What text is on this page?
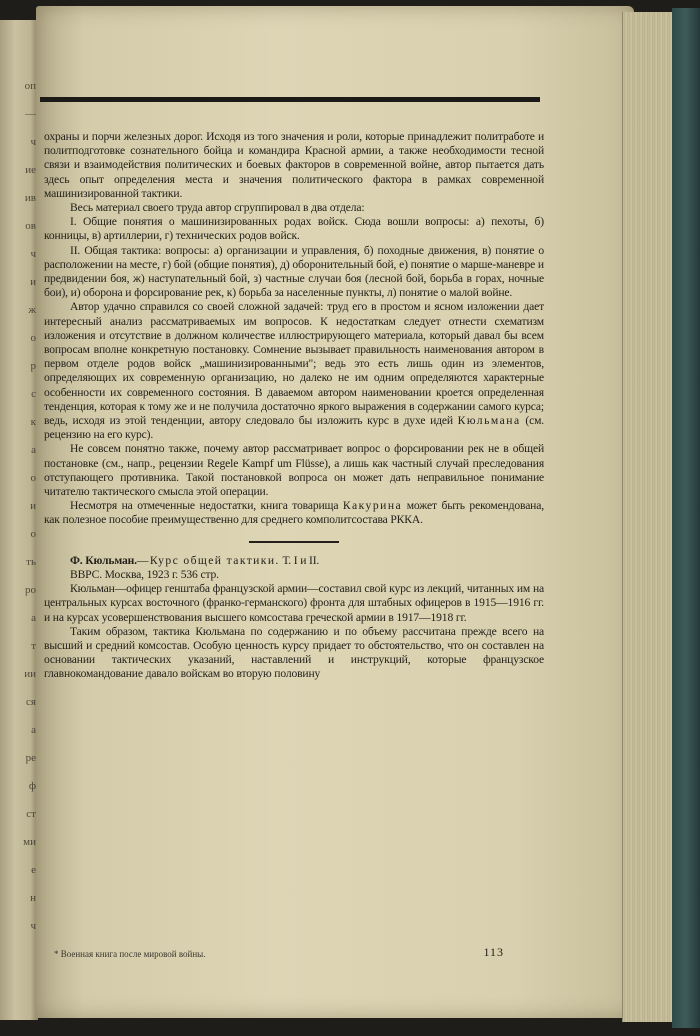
оп
—
ч
ие
ив
ов
ч
и
ж
о
р
с
к
а
о
и
о
ть
ро
а
т
ии
ся
а
ре
ф
ст
ми
е
н
ч

охраны и порчи железных дорог. Исходя из того значения и роли, которые принадлежит политработе и политподготовке сознательного бойца и командира Красной армии, а также необходимости тесной связи и взаимодействия политических и боевых факторов в современной войне, автор пытается дать здесь опыт определения места и значения политического фактора в рамках современной машинизированной тактики.

Весь материал своего труда автор сгруппировал в два отдела:

I. Общие понятия о машинизированных родах войск. Сюда вошли вопросы: а) пехоты, б) конницы, в) артиллерии, г) технических родов войск.

II. Общая тактика: вопросы: а) организации и управления, б) походные движения, в) понятие о расположении на месте, г) бой (общие понятия), д) оборонительный бой, е) понятие о марше-маневре и предвидении боя, ж) наступательный бой, з) частные случаи боя (лесной бой, борьба в горах, ночные бои), и) оборона и форсирование рек, к) борьба за населенные пункты, л) понятие о малой войне.

Автор удачно справился со своей сложной задачей: труд его в простом и ясном изложении дает интересный анализ рассматриваемых им вопросов. К недостаткам следует отнести схематизм изложения и отсутствие в должном количестве иллюстрирующего материала, который давал бы всем вопросам вполне конкретную постановку. Сомнение вызывает правильность наименования автором в первом отделе родов войск „машинизированными"; ведь это есть лишь один из элементов, определяющих их современную организацию, но далеко не им одним определяются характерные особенности их современного состояния. В даваемом автором наименовании кроется определенная тенденция, которая к тому же и не получила достаточно яркого выражения в содержании самого курса; ведь, исходя из этой тенденции, автору следовало бы изложить курс в духе идей Кюльмана (см. рецензию на его курс).

Не совсем понятно также, почему автор рассматривает вопрос о форсировании рек не в общей постановке (см., напр., рецензии Regele Kampf um Flüsse), а лишь как частный случай преследования отступающего противника. Такой постановкой вопроса он может дать неправильное понимание читателю тактического смысла этой операции.

Несмотря на отмеченные недостатки, книга товарища Какурина может быть рекомендована, как полезное пособие преимущественно для среднего комполитсостава РККА.

Ф. Кюльман.—Курс общей тактики. Т. I и II.

ВВРС. Москва, 1923 г. 536 стр.

Кюльман—офицер генштаба французской армии—составил свой курс из лекций, читанных им на центральных курсах восточного (франко-германского) фронта для штабных офицеров в 1915—1916 гг. и на курсах усовершенствования высшего комсостава греческой армии в 1917—1918 гг.

Таким образом, тактика Кюльмана по содержанию и по объему рассчитана прежде всего на высший и средний комсостав. Особую ценность курсу придает то обстоятельство, что он составлен на основании тактических указаний, наставлений и инструкций, которые французское главнокомандование давало войскам во вторую половину

* Военная книга после мировой войны.	113
